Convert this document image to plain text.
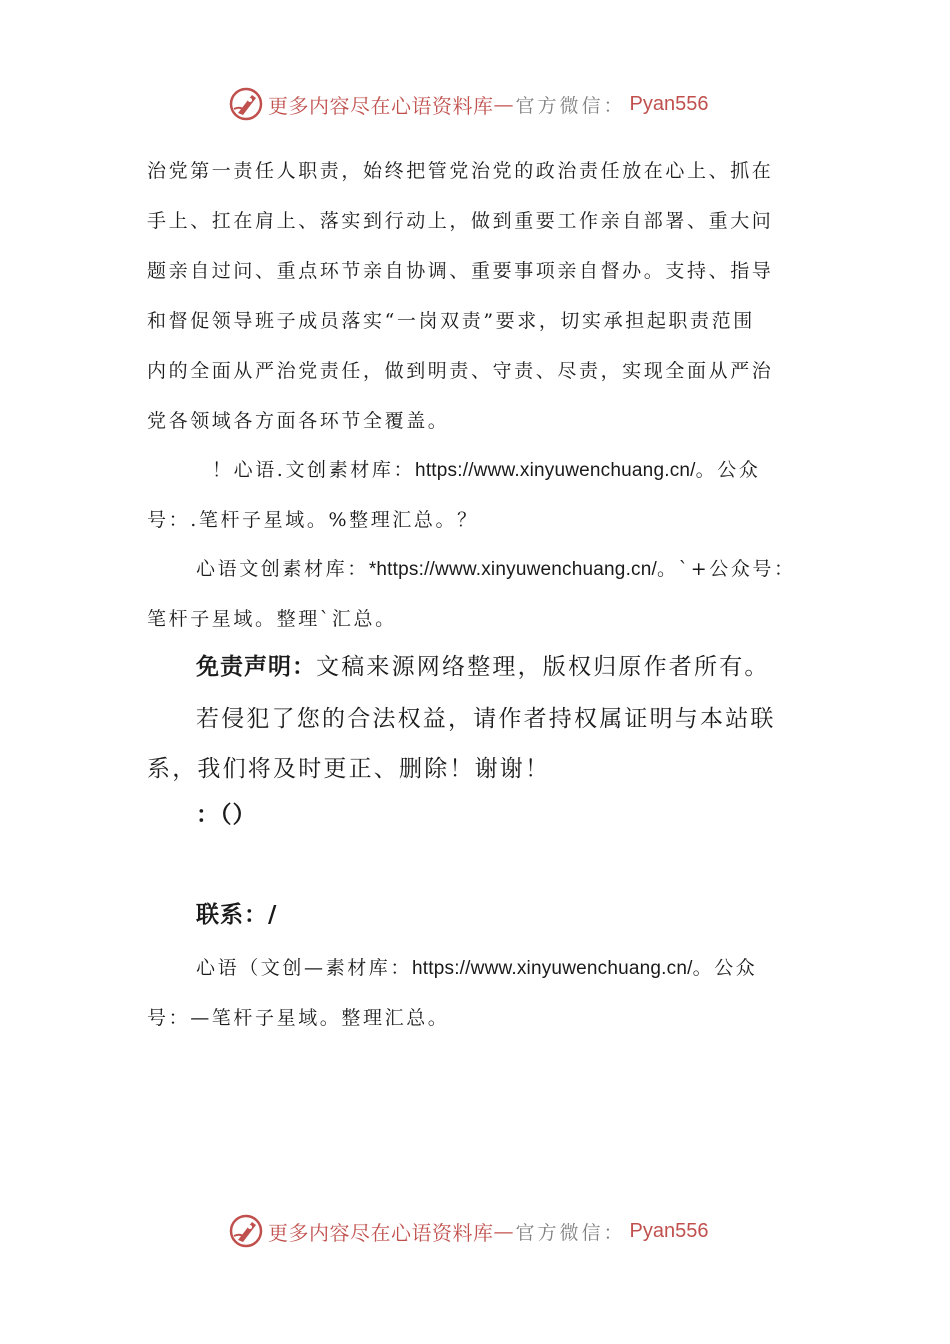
更多内容尽在心语资料库 — 官方微信： Pyan556
治党第一责任人职责，始终把管党治党的政治责任放在心上、抓在
手上、扛在肩上、落实到行动上，做到重要工作亲自部署、重大问
题亲自过问、重点环节亲自协调、重要事项亲自督办。支持、指导
和督促领导班子成员落实“一岗双责”要求，切实承担起职责范围
内的全面从严治党责任，做到明责、守责、尽责，实现全面从严治
党各领域各方面各环节全覆盖。
！心语.文创素材库：https://www.xinyuwenchuang.cn/。公众
号：.笔杆子星域。%整理汇总。？
心语文创素材库：*https://www.xinyuwenchuang.cn/。`+公众号：
笔杆子星域。整理`汇总。
免责声明：文稿来源网络整理，版权归原作者所有。
若侵犯了您的合法权益，请作者持权属证明与本站联
系，我们将及时更正、删除！谢谢！
：（）
联系：/
心语（文创—素材库：https://www.xinyuwenchuang.cn/。公众
号：—笔杆子星域。整理汇总。
更多内容尽在心语资料库 — 官方微信： Pyan556
